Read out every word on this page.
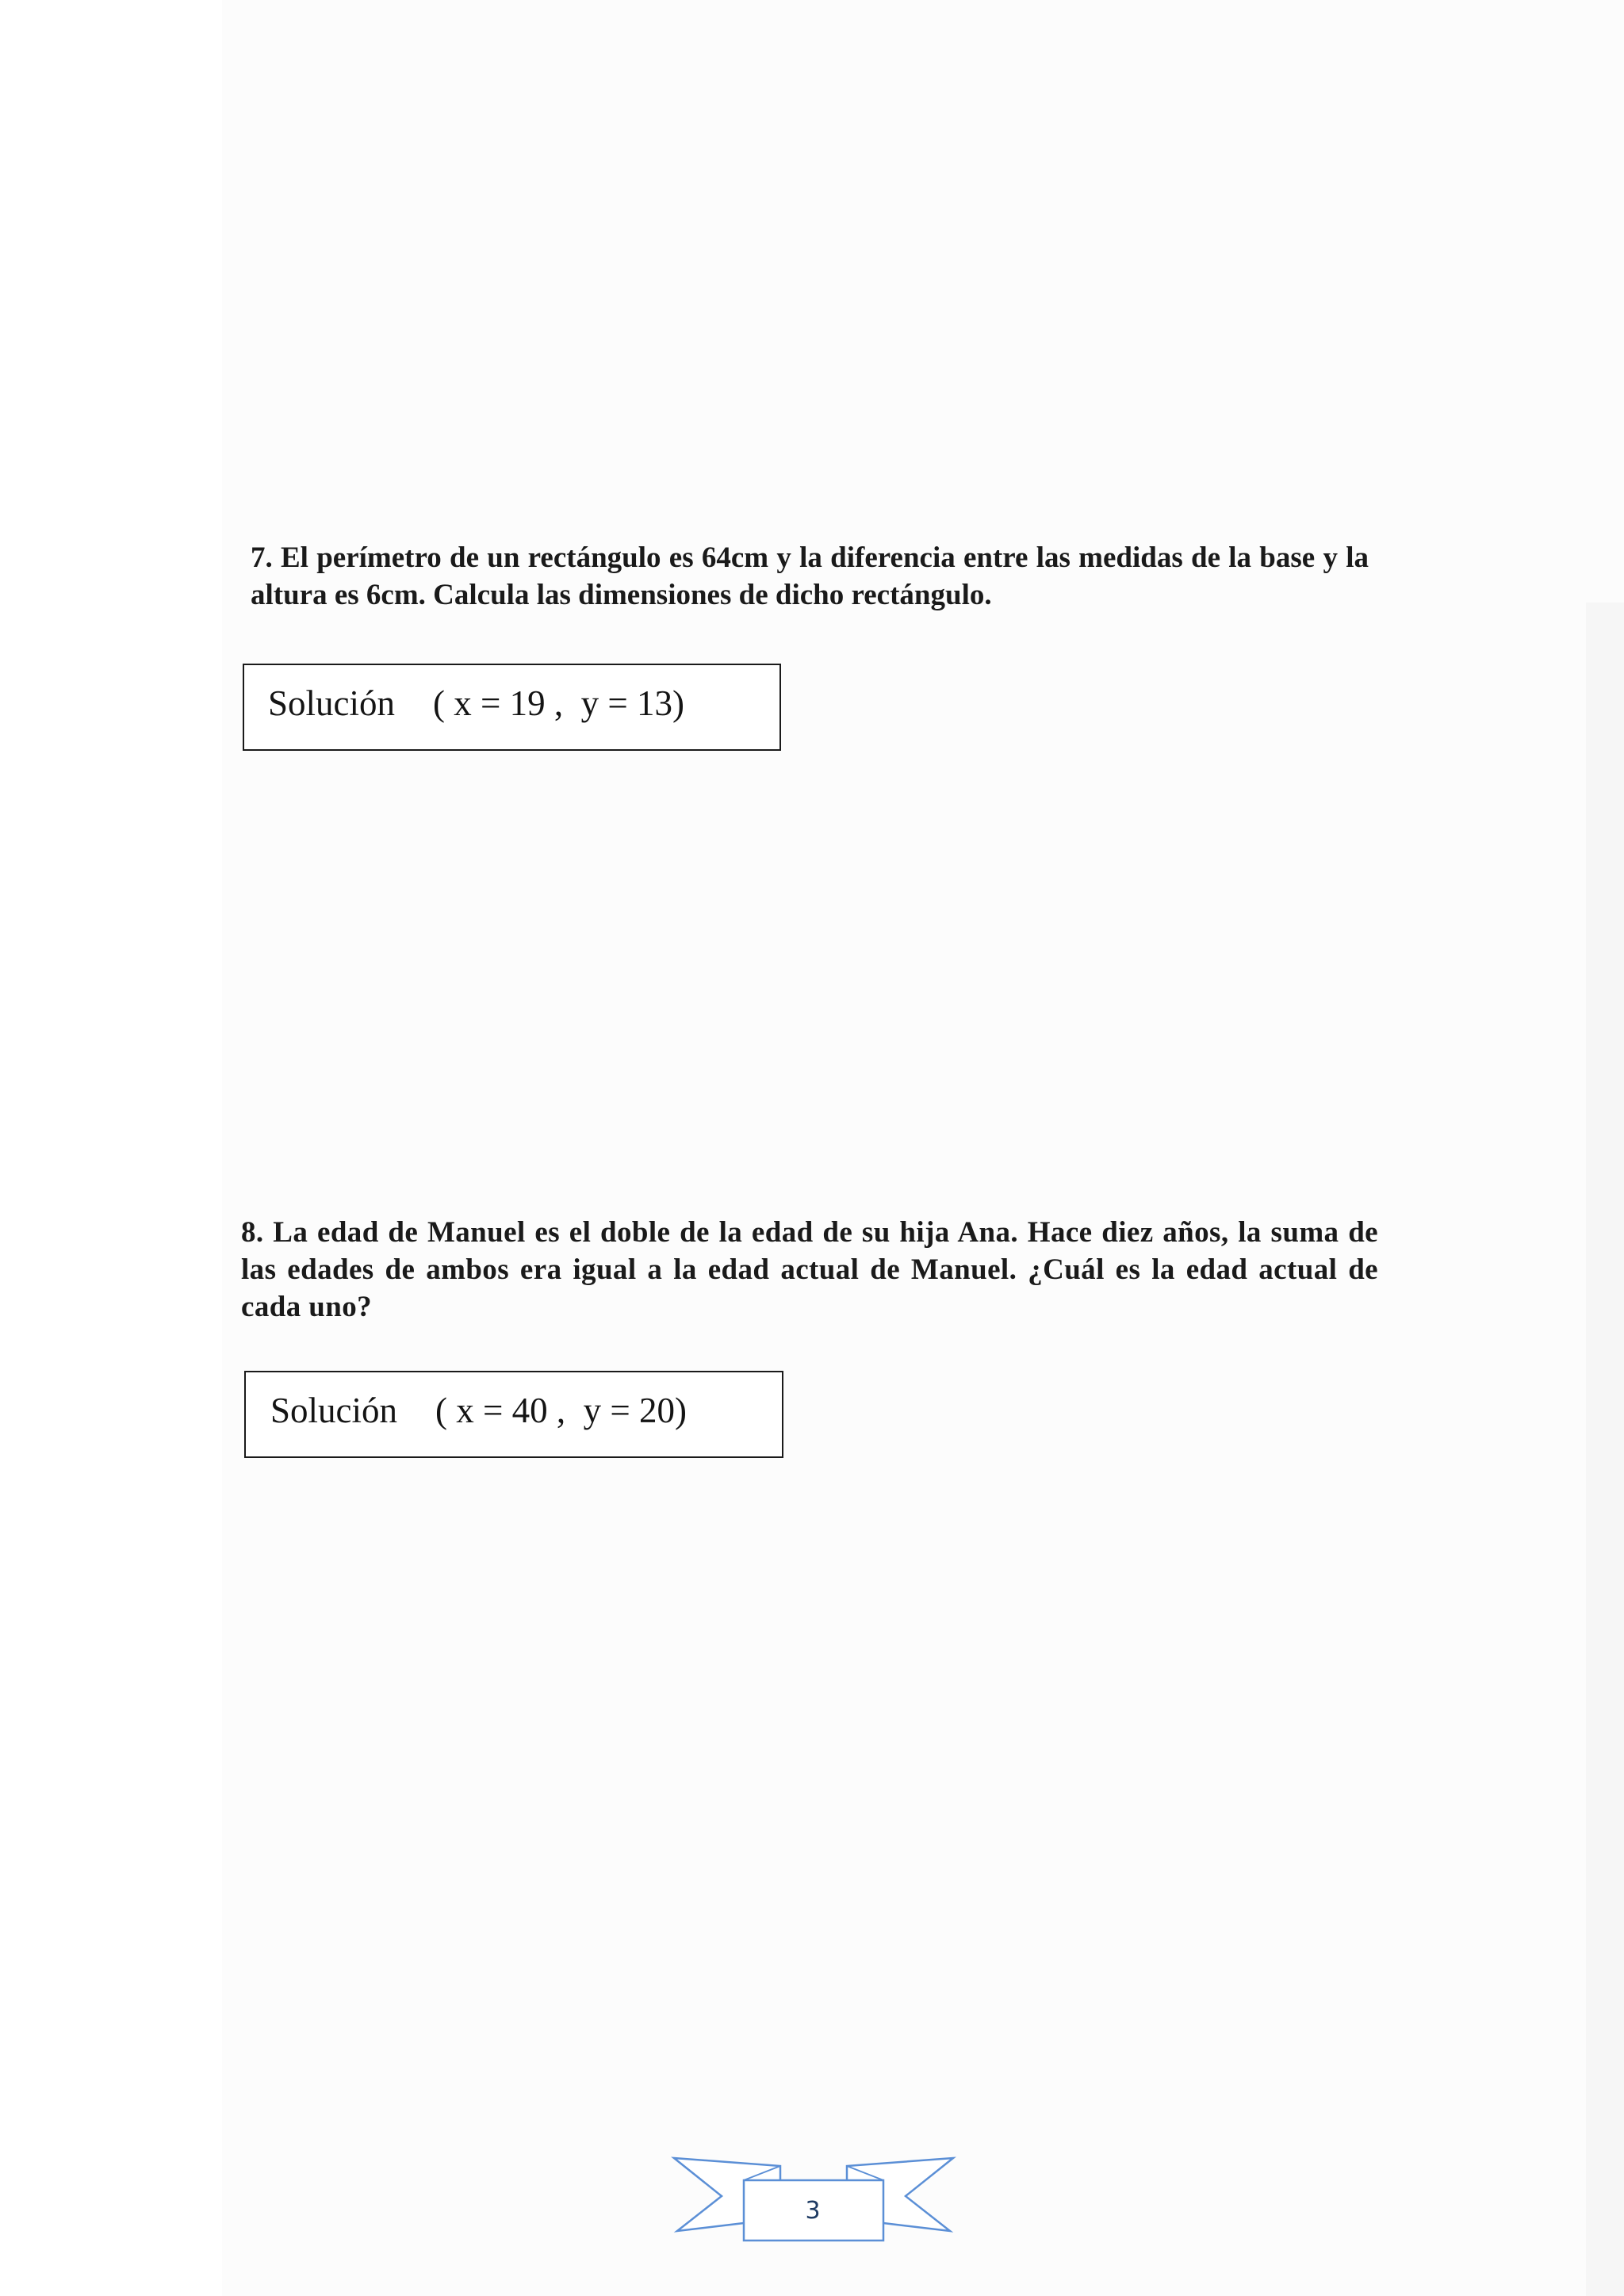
7. El perímetro de un rectángulo es 64cm y la diferencia entre las medidas de la base y la altura es 6cm. Calcula las dimensiones de dicho rectángulo.

Solución ( x = 19 ,  y = 13)

8. La edad de Manuel es el doble de la edad de su hija Ana. Hace diez años, la suma de las edades de ambos era igual a la edad actual de Manuel. ¿Cuál es la edad actual de cada uno?

Solución ( x = 40 ,  y = 20)
3
